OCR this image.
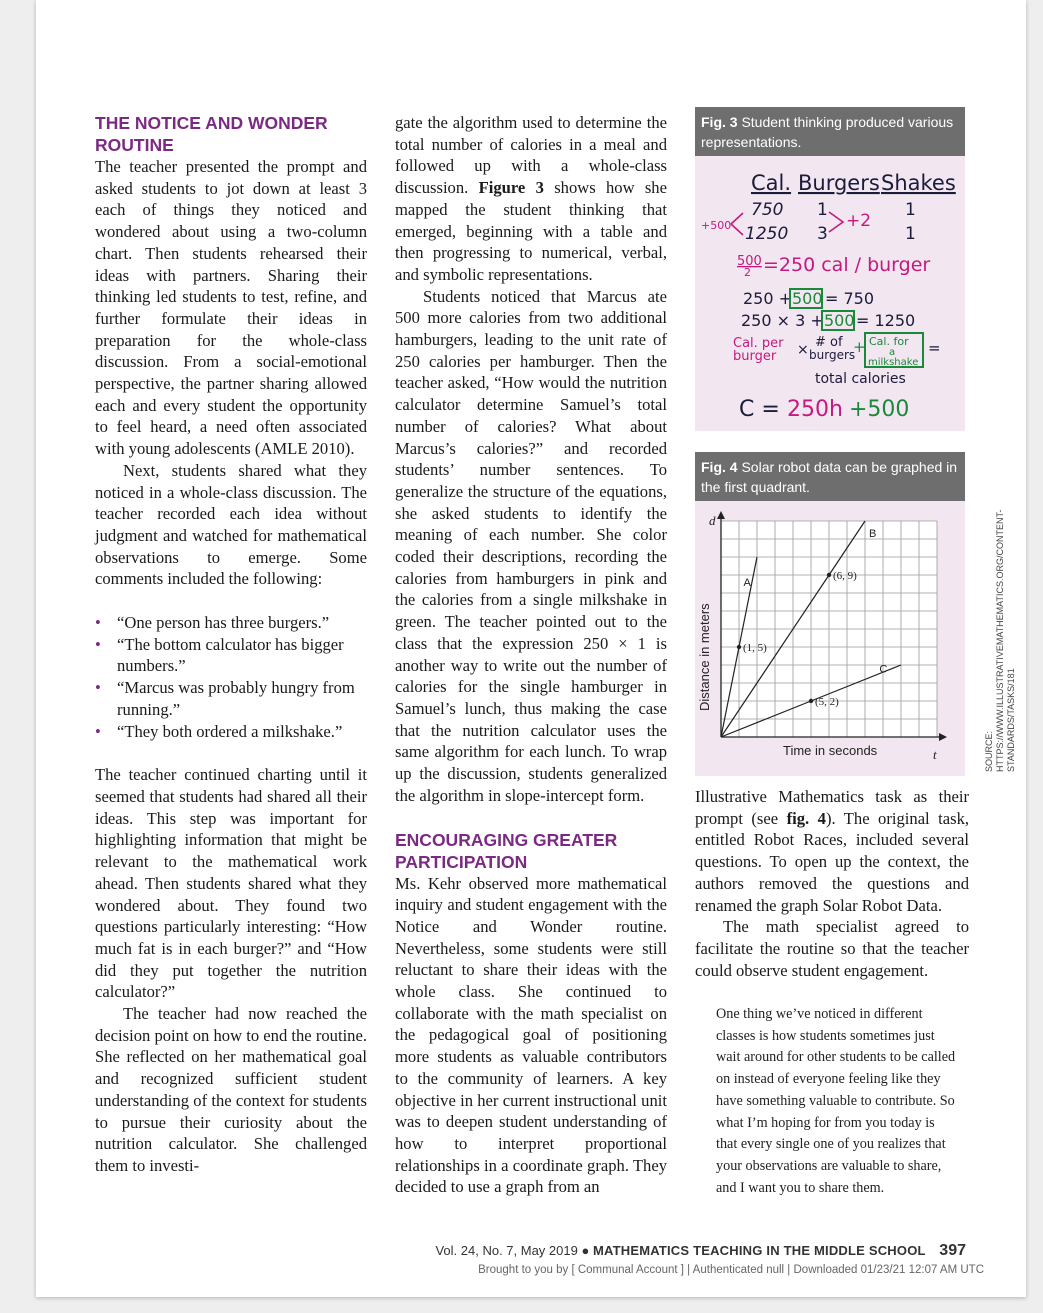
THE NOTICE AND WONDER ROUTINE

The teacher presented the prompt and asked students to jot down at least 3 each of things they noticed and wondered about using a two-column chart. Then students rehearsed their ideas with partners. Sharing their thinking led students to test, refine, and further formulate their ideas in preparation for the whole-class discussion. From a social-emotional perspective, the partner sharing allowed each and every student the opportunity to feel heard, a need often associated with young adolescents (AMLE 2010).

Next, students shared what they noticed in a whole-class discussion. The teacher recorded each idea without judgment and watched for mathematical observations to emerge. Some comments included the following:

• “One person has three burgers.”
• “The bottom calculator has bigger numbers.”
• “Marcus was probably hungry from running.”
• “They both ordered a milkshake.”

The teacher continued charting until it seemed that students had shared all their ideas. This step was important for highlighting information that might be relevant to the mathematical work ahead. Then students shared what they wondered about. They found two questions particularly interesting: “How much fat is in each burger?” and “How did they put together the nutrition calculator?”

The teacher had now reached the decision point on how to end the routine. She reflected on her mathematical goal and recognized sufficient student understanding of the context for students to pursue their curiosity about the nutrition calculator. She challenged them to investi-

gate the algorithm used to determine the total number of calories in a meal and followed up with a whole-class discussion. Figure 3 shows how she mapped the student thinking that emerged, beginning with a table and then progressing to numerical, verbal, and symbolic representations.

Students noticed that Marcus ate 500 more calories from two additional hamburgers, leading to the unit rate of 250 calories per hamburger. Then the teacher asked, “How would the nutrition calculator determine Samuel’s total number of calories? What about Marcus’s calories?” and recorded students’ number sentences. To generalize the structure of the equations, she asked students to identify the meaning of each number. She color coded their descriptions, recording the calories from hamburgers in pink and the calories from a single milkshake in green. The teacher pointed out to the class that the expression 250 × 1 is another way to write out the number of calories for the single hamburger in Samuel’s lunch, thus making the case that the nutrition calculator uses the same algorithm for each lunch. To wrap up the discussion, students generalized the algorithm in slope-intercept form.

ENCOURAGING GREATER PARTICIPATION

Ms. Kehr observed more mathematical inquiry and student engagement with the Notice and Wonder routine. Nevertheless, some students were still reluctant to share their ideas with the whole class. She continued to collaborate with the math specialist on the pedagogical goal of positioning more students as valuable contributors to the community of learners. A key objective in her current instructional unit was to deepen student understanding of how to interpret proportional relationships in a coordinate graph. They decided to use a graph from an

Illustrative Mathematics task as their prompt (see fig. 4). The original task, entitled Robot Races, included several questions. To open up the context, the authors removed the questions and renamed the graph Solar Robot Data.

The math specialist agreed to facilitate the routine so that the teacher could observe student engagement.

Fig. 3 Student thinking produced various representations.
Cal. Burgers Shakes
750 1	1
1250 3	1
+500	+2
500
2 =250 cal / burger
250 + 500 = 750
250 × 3 + 500 = 1250
Cal. per
burger × # of
burgers
+ Cal. for
a
milkshake
=
total calories
C = 250h +500
Fig. 4 Solar robot data can be graphed in the first quadrant.
A
B
C
(1, 5)
(6, 9)
(5, 2)
d
t
Distance in meters
Time in seconds	SOURCE: HTTPS://WWW.ILLUSTRATIVEMATHEMATICS.ORG/CONTENT-STANDARDS/TASKS/181
One thing we’ve noticed in different classes is how students sometimes just wait around for other students to be called on instead of everyone feeling like they have something valuable to contribute. So what I’m hoping for from you today is that every single one of you realizes that your observations are valuable to share, and I want you to share them.
Vol. 24, No. 7, May 2019 ● MATHEMATICS TEACHING IN THE MIDDLE SCHOOL 397
Brought to you by [ Communal Account ] | Authenticated null | Downloaded 01/23/21 12:07 AM UTC
